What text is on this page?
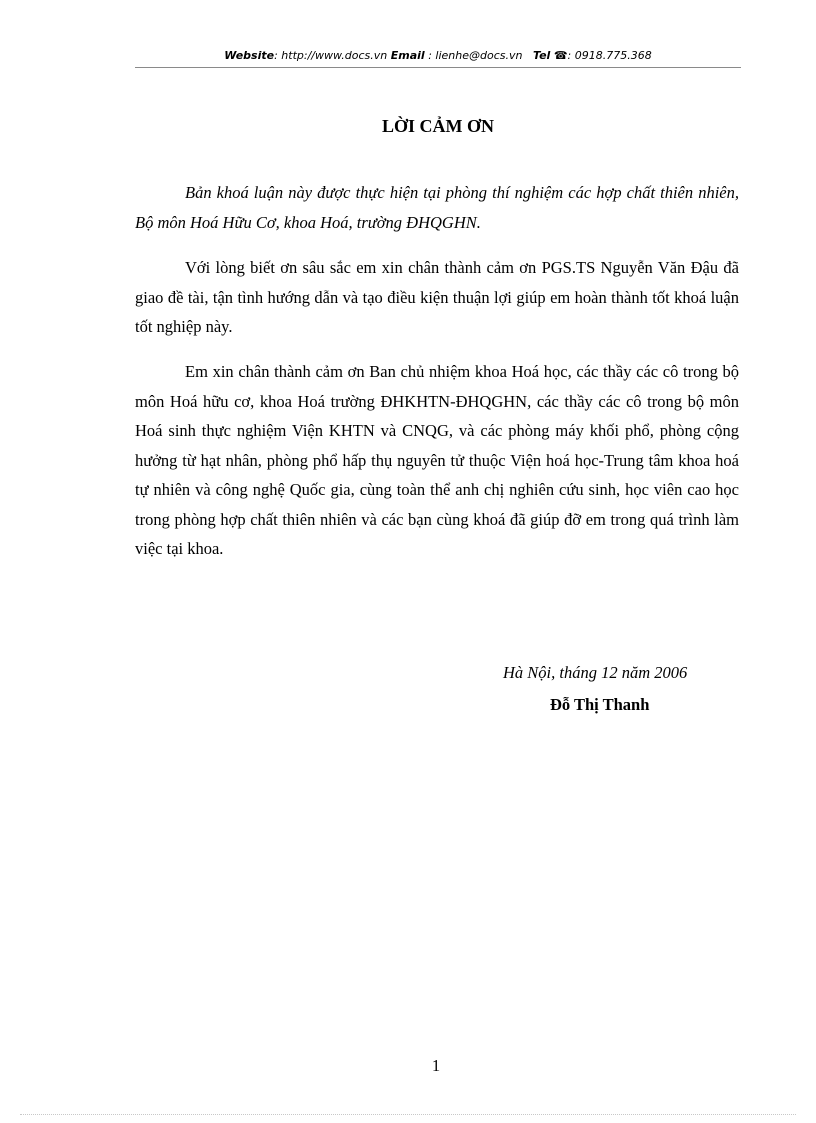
Website: http://www.docs.vn Email : lienhe@docs.vn Tel ☎: 0918.775.368
LỜI CẢM ƠN

Bản khoá luận này được thực hiện tại phòng thí nghiệm các hợp chất thiên nhiên, Bộ môn Hoá Hữu Cơ, khoa Hoá, trường ĐHQGHN.

Với lòng biết ơn sâu sắc em xin chân thành cảm ơn PGS.TS Nguyễn Văn Đậu đã giao đề tài, tận tình hướng dẫn và tạo điều kiện thuận lợi giúp em hoàn thành tốt khoá luận tốt nghiệp này.

Em xin chân thành cảm ơn Ban chủ nhiệm khoa Hoá học, các thầy các cô trong bộ môn Hoá hữu cơ, khoa Hoá trường ĐHKHTN-ĐHQGHN, các thầy các cô trong bộ môn Hoá sinh thực nghiệm Viện KHTN và CNQG, và các phòng máy khối phổ, phòng cộng hưởng từ hạt nhân, phòng phổ hấp thụ nguyên tử thuộc Viện hoá học-Trung tâm khoa hoá tự nhiên và công nghệ Quốc gia, cùng toàn thể anh chị nghiên cứu sinh, học viên cao học trong phòng hợp chất thiên nhiên và các bạn cùng khoá đã giúp đỡ em trong quá trình làm việc tại khoa.

Hà Nội, tháng 12 năm 2006
Đỗ Thị Thanh
1
